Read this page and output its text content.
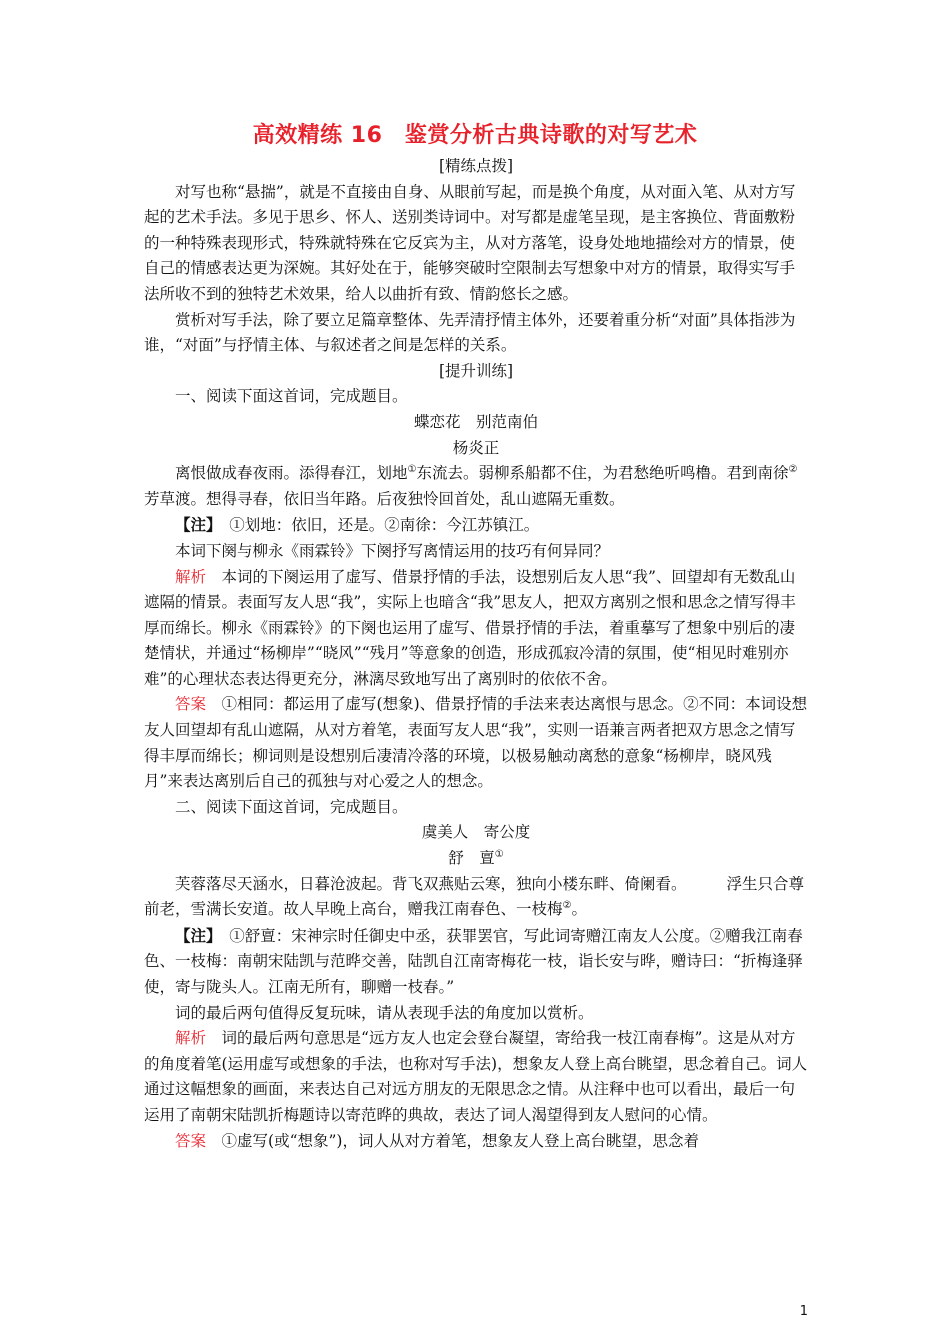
高效精练 16　鉴赏分析古典诗歌的对写艺术

[精练点拨]

对写也称“悬揣”，就是不直接由自身、从眼前写起，而是换个角度，从对面入笔、从对方写起的艺术手法。多见于思乡、怀人、送别类诗词中。对写都是虚笔呈现，是主客换位、背面敷粉的一种特殊表现形式，特殊就特殊在它反宾为主，从对方落笔，设身处地地描绘对方的情景，使自己的情感表达更为深婉。其好处在于，能够突破时空限制去写想象中对方的情景，取得实写手法所收不到的独特艺术效果，给人以曲折有致、情韵悠长之感。

赏析对写手法，除了要立足篇章整体、先弄清抒情主体外，还要着重分析“对面”具体指涉为谁，“对面”与抒情主体、与叙述者之间是怎样的关系。

[提升训练]

一、阅读下面这首词，完成题目。

蝶恋花　别范南伯

杨炎正

离恨做成春夜雨。添得春江，划地①东流去。弱柳系船都不住，为君愁绝听鸣橹。君到南徐②芳草渡。想得寻春，依旧当年路。后夜独怜回首处，乱山遮隔无重数。

【注】　①划地：依旧，还是。②南徐：今江苏镇江。

本词下阕与柳永《雨霖铃》下阕抒写离情运用的技巧有何异同？

解析　本词的下阕运用了虚写、借景抒情的手法，设想别后友人思“我”、回望却有无数乱山遮隔的情景。表面写友人思“我”，实际上也暗含“我”思友人，把双方离别之恨和思念之情写得丰厚而绵长。柳永《雨霖铃》的下阕也运用了虚写、借景抒情的手法，着重摹写了想象中别后的凄楚情状，并通过“杨柳岸”“晓风”“残月”等意象的创造，形成孤寂冷清的氛围，使“相见时难别亦难”的心理状态表达得更充分，淋漓尽致地写出了离别时的依依不舍。

答案　①相同：都运用了虚写(想象)、借景抒情的手法来表达离恨与思念。②不同：本词设想友人回望却有乱山遮隔，从对方着笔，表面写友人思“我”，实则一语兼言两者把双方思念之情写得丰厚而绵长；柳词则是设想别后凄清冷落的环境，以极易触动离愁的意象“杨柳岸，晓风残月”来表达离别后自己的孤独与对心爱之人的想念。

二、阅读下面这首词，完成题目。

虞美人　寄公度

舒　亶①

芙蓉落尽天涵水，日暮沧波起。背飞双燕贴云寒，独向小楼东畔、倚阑看。	浮生只合尊前老，雪满长安道。故人早晚上高台，赠我江南春色、一枝梅②。

【注】　①舒亶：宋神宗时任御史中丞，获罪罢官，写此词寄赠江南友人公度。②赠我江南春色、一枝梅：南朝宋陆凯与范晔交善，陆凯自江南寄梅花一枝，诣长安与晔，赠诗曰：“折梅逢驿使，寄与陇头人。江南无所有，聊赠一枝春。”

词的最后两句值得反复玩味，请从表现手法的角度加以赏析。

解析　词的最后两句意思是“远方友人也定会登台凝望，寄给我一枝江南春梅”。这是从对方的角度着笔(运用虚写或想象的手法，也称对写手法)，想象友人登上高台眺望，思念着自己。词人通过这幅想象的画面，来表达自己对远方朋友的无限思念之情。从注释中也可以看出，最后一句运用了南朝宋陆凯折梅题诗以寄范晔的典故，表达了词人渴望得到友人慰问的心情。

答案　①虚写(或“想象”)，词人从对方着笔，想象友人登上高台眺望，思念着

1
